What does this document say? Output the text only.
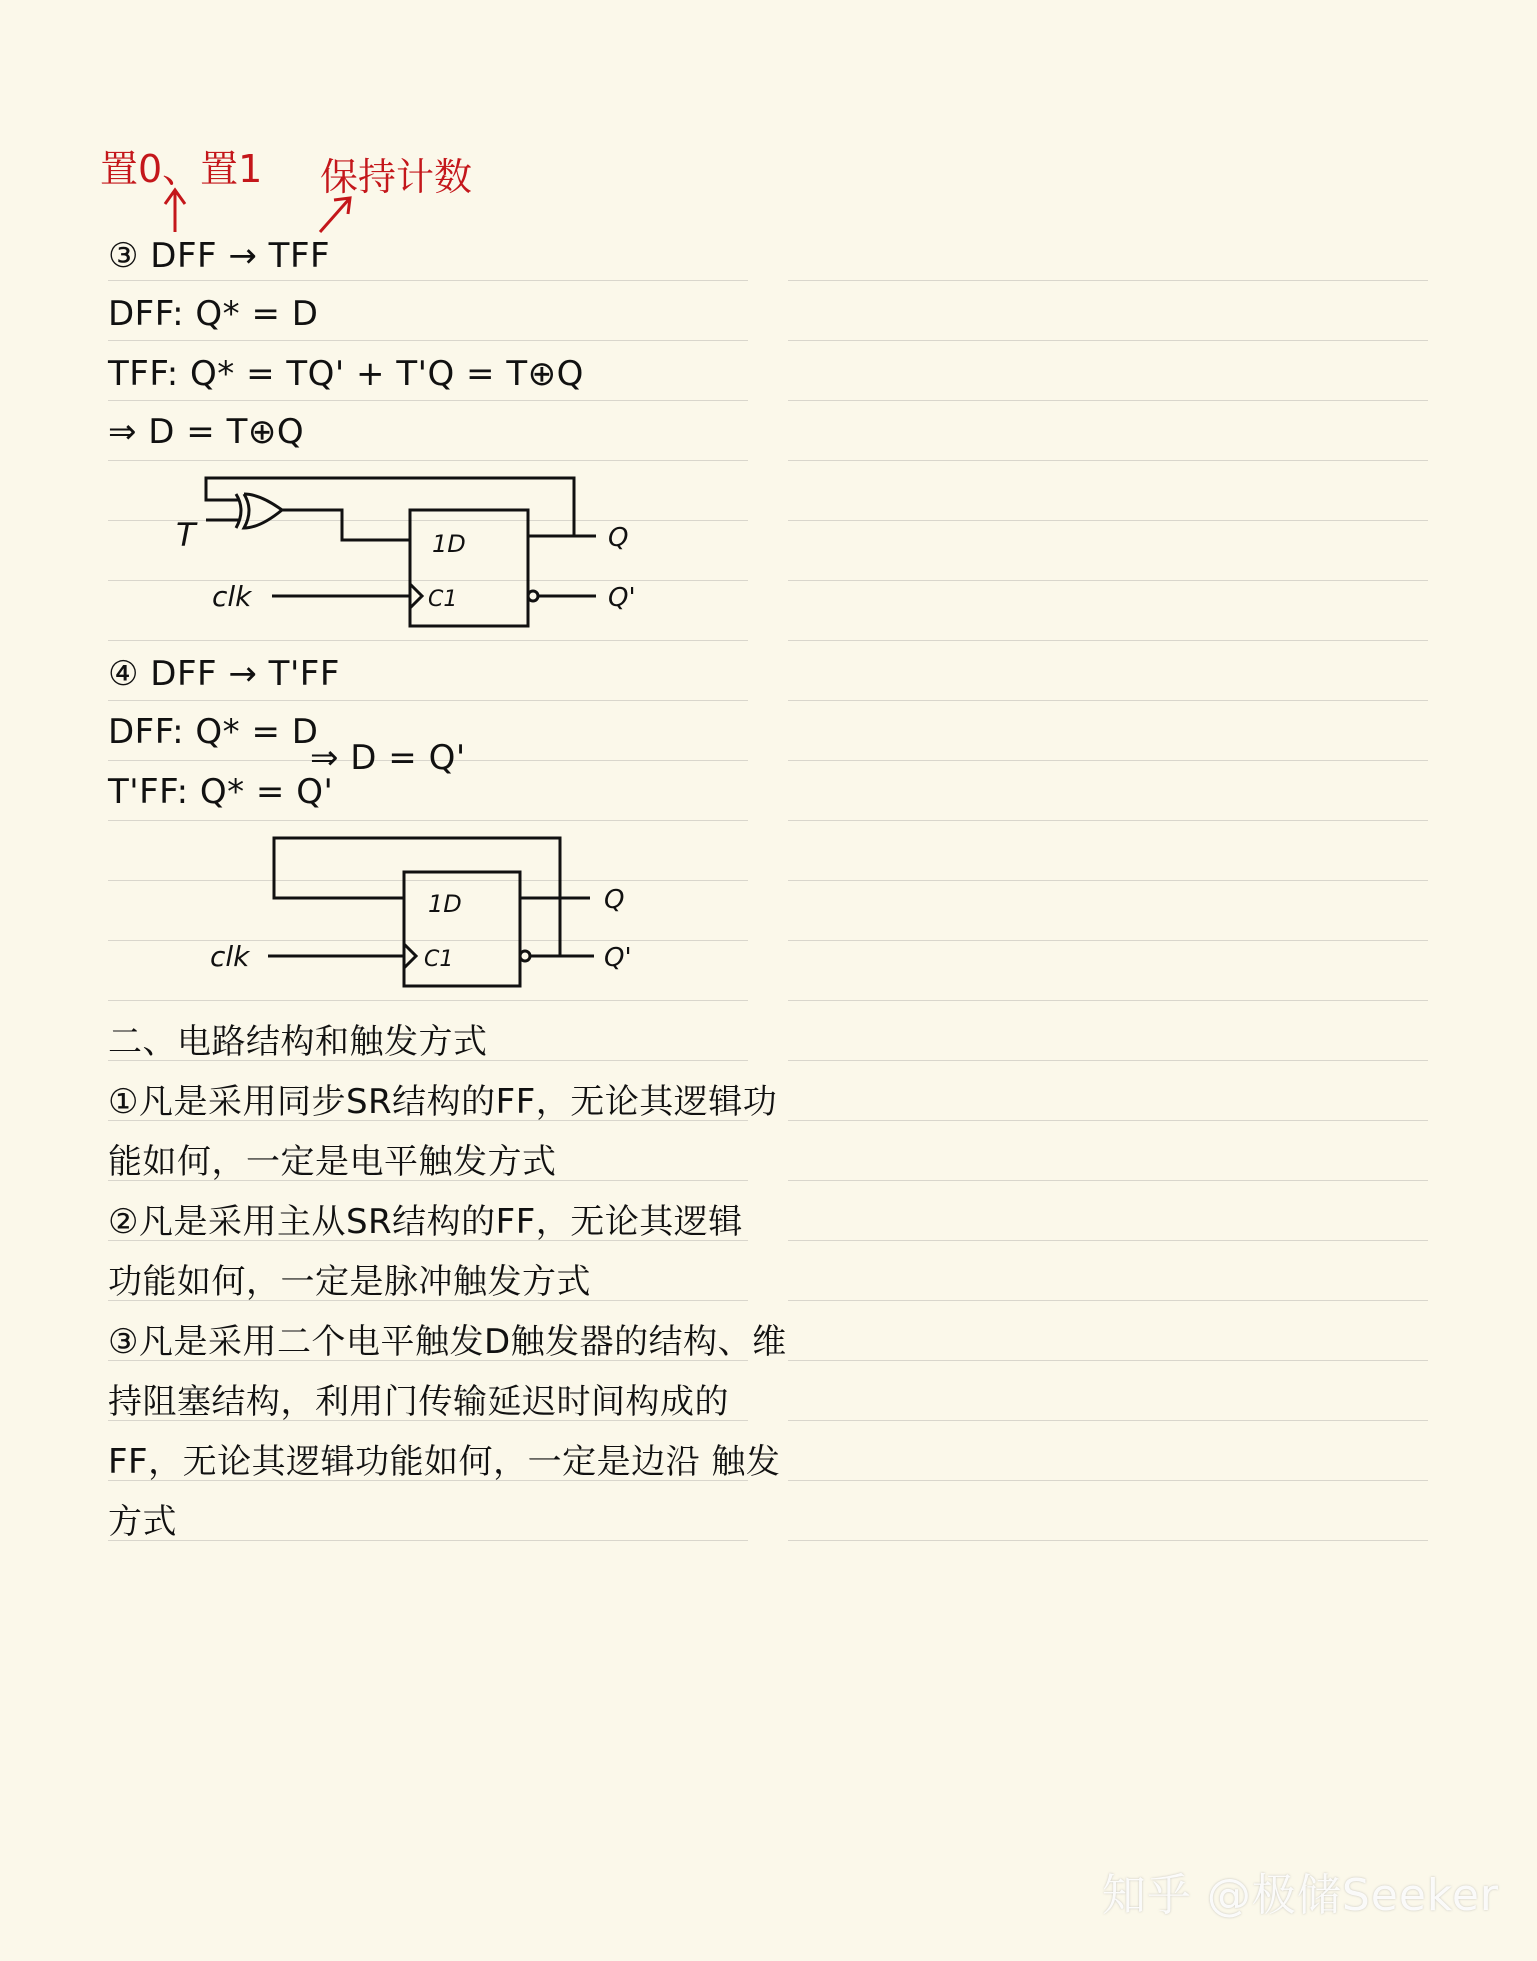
置0、置1 保持计数
③ DFF → TFF
DFF: Q* = D
TFF: Q* = TQ' + T'Q = T⊕Q
⇒ D = T⊕Q
T
clk
1D
C1
Q
Q'
④ DFF → T'FF
DFF: Q* = D
T'FF: Q* = Q'
⇒ D = Q'
clk
1D
C1
Q
Q'
二、电路结构和触发方式
①凡是采用同步SR结构的FF，无论其逻辑功
能如何，一定是电平触发方式
②凡是采用主从SR结构的FF，无论其逻辑
功能如何，一定是脉冲触发方式
③凡是采用二个电平触发D触发器的结构、维
持阻塞结构，利用门传输延迟时间构成的
FF，无论其逻辑功能如何，一定是边沿 触发
方式
知乎 @极储Seeker
